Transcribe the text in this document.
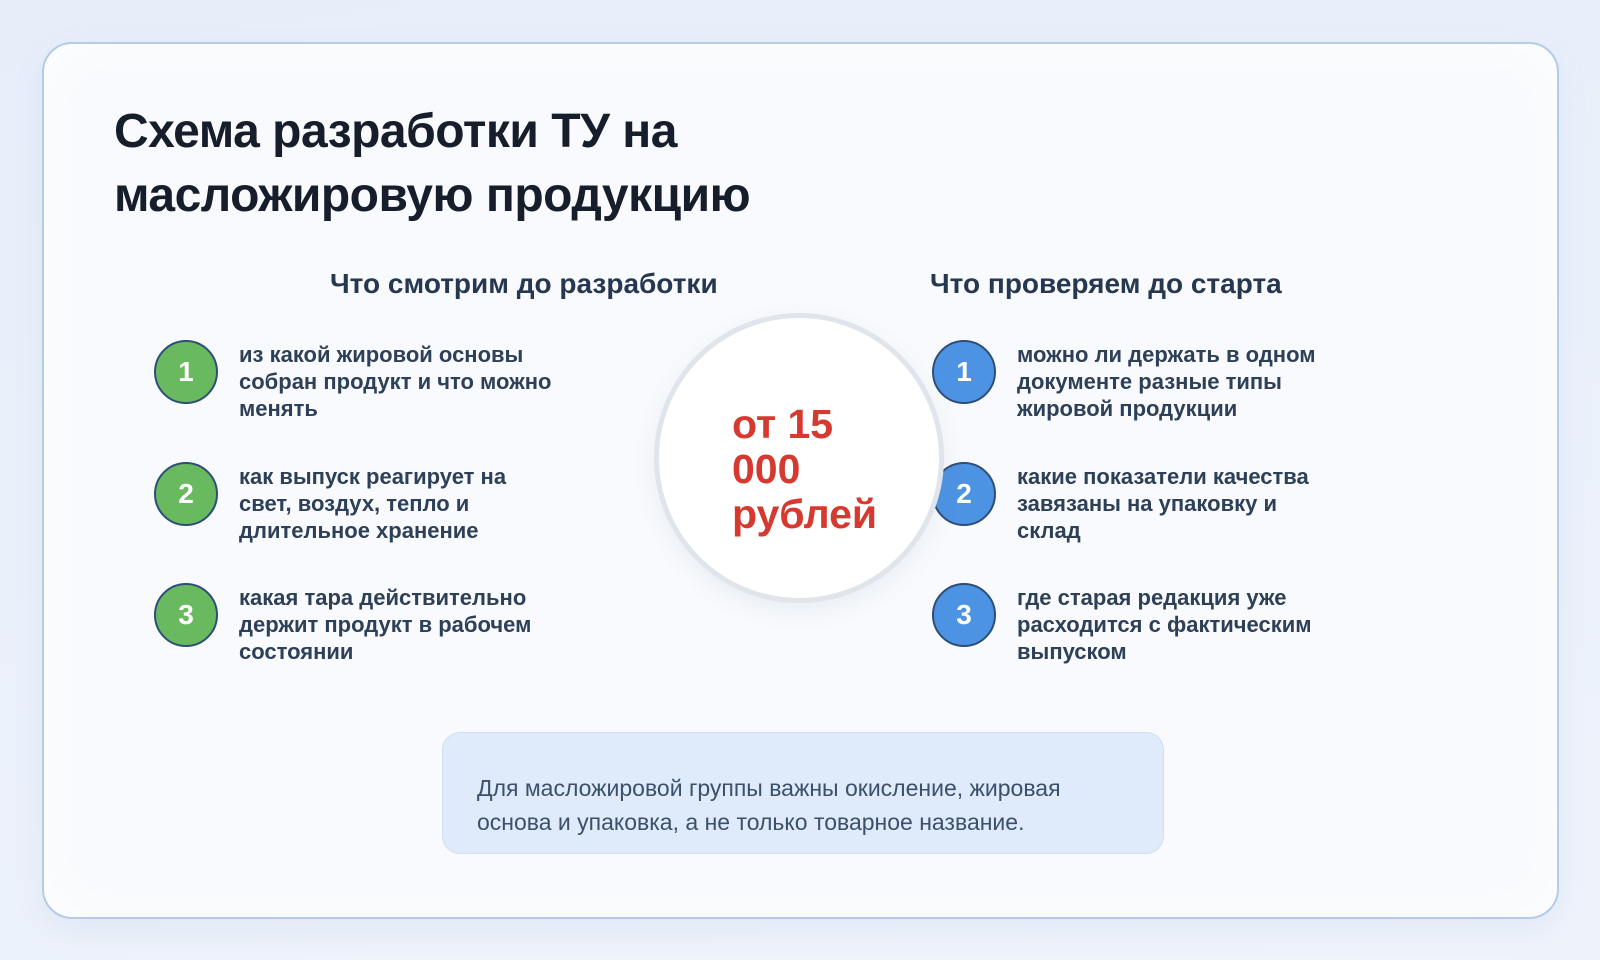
Схема разработки ТУ на
масложировую продукцию
Что смотрим до разработки	Что проверяем до старта
1
из какой жировой основы
собран продукт и что можно
менять
2
как выпуск реагирует на
свет, воздух, тепло и
длительное хранение
3
какая тара действительно
держит продукт в рабочем
состоянии
1
можно ли держать в одном
документе разные типы
жировой продукции
2
какие показатели качества
завязаны на упаковку и
склад
3
где старая редакция уже
расходится с фактическим
выпуском
от 15
000
рублей
Для масложировой группы важны окисление, жировая
основа и упаковка, а не только товарное название.
